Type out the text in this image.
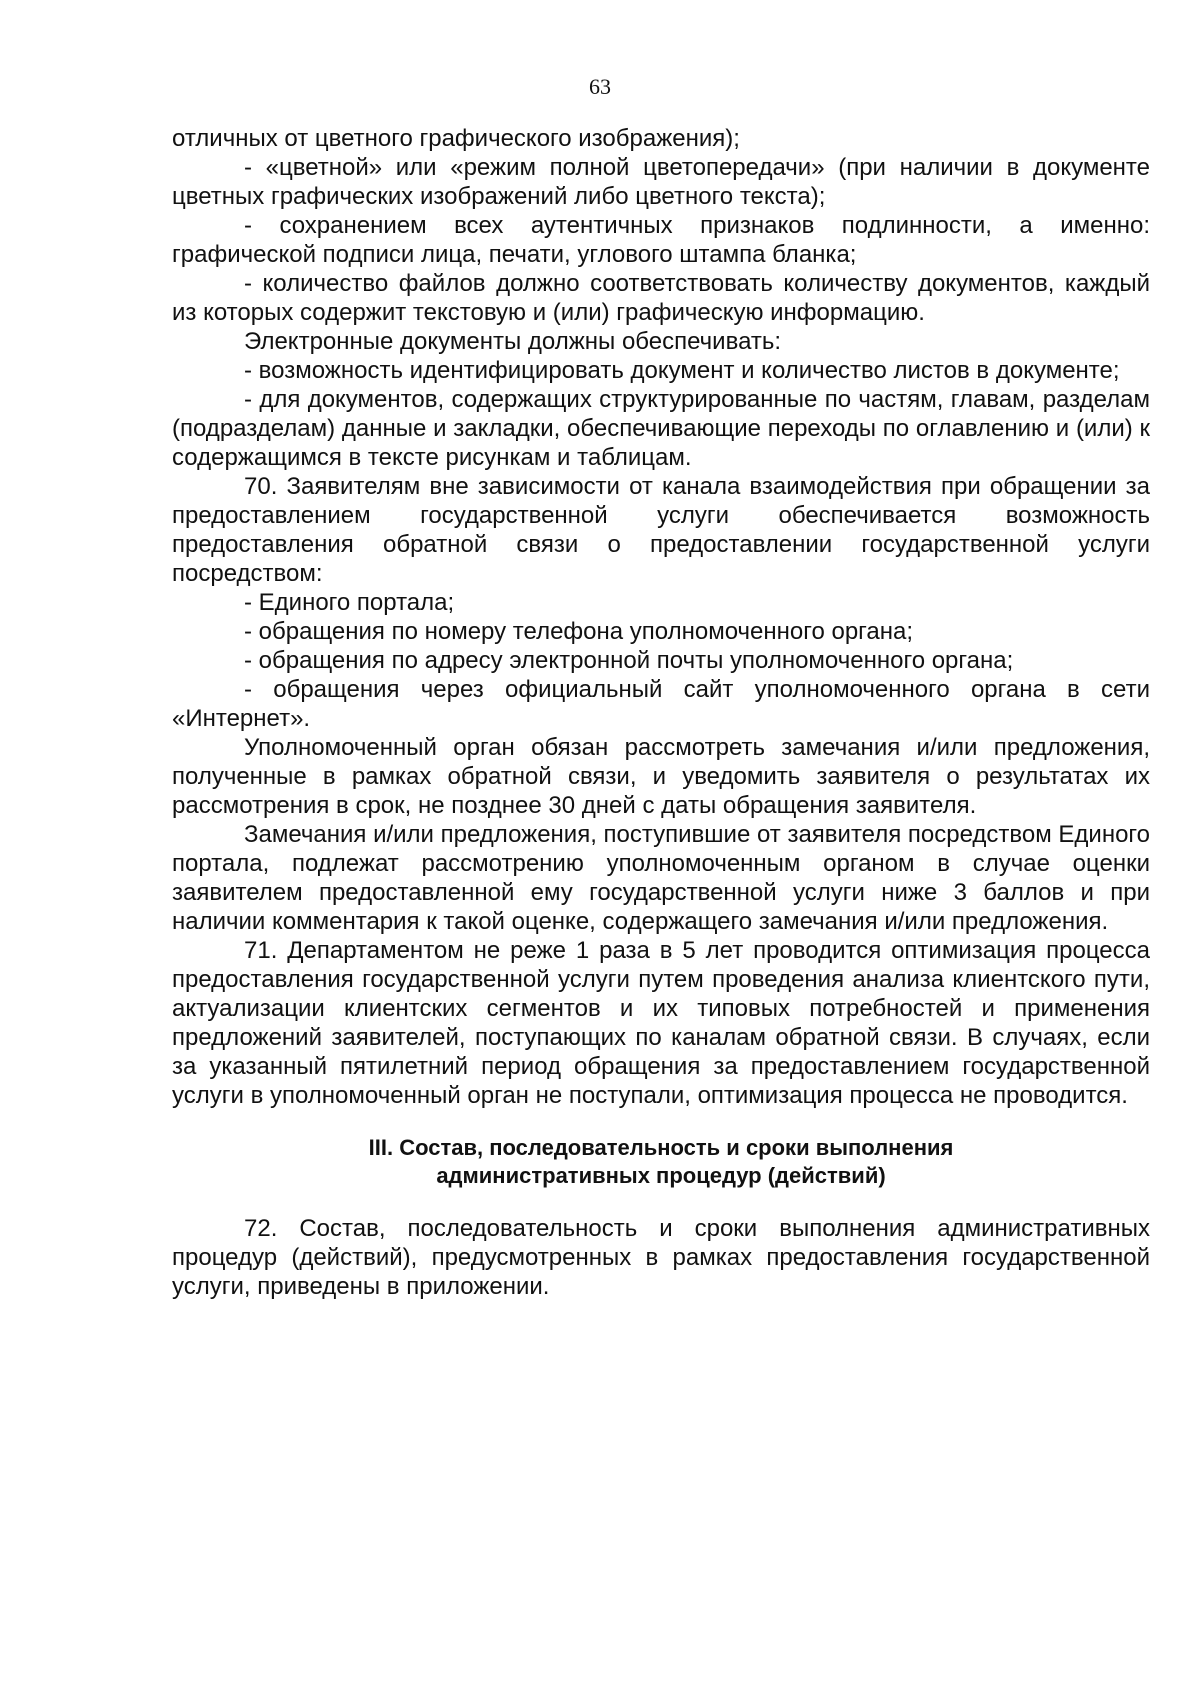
63

отличных от цветного графического изображения);

- «цветной» или «режим полной цветопередачи» (при наличии в документе цветных графических изображений либо цветного текста);

- сохранением всех аутентичных признаков подлинности, а именно: графической подписи лица, печати, углового штампа бланка;

- количество файлов должно соответствовать количеству документов, каждый из которых содержит текстовую и (или) графическую информацию.

Электронные документы должны обеспечивать:

- возможность идентифицировать документ и количество листов в документе;

- для документов, содержащих структурированные по частям, главам, разделам (подразделам) данные и закладки, обеспечивающие переходы по оглавлению и (или) к содержащимся в тексте рисункам и таблицам.

70. Заявителям вне зависимости от канала взаимодействия при обращении за предоставлением государственной услуги обеспечивается возможность предоставления обратной связи о предоставлении государственной услуги посредством:

- Единого портала;

- обращения по номеру телефона уполномоченного органа;

- обращения по адресу электронной почты уполномоченного органа;

- обращения через официальный сайт уполномоченного органа в сети «Интернет».

Уполномоченный орган обязан рассмотреть замечания и/или предложения, полученные в рамках обратной связи, и уведомить заявителя о результатах их рассмотрения в срок, не позднее 30 дней с даты обращения заявителя.

Замечания и/или предложения, поступившие от заявителя посредством Единого портала, подлежат рассмотрению уполномоченным органом в случае оценки заявителем предоставленной ему государственной услуги ниже 3 баллов и при наличии комментария к такой оценке, содержащего замечания и/или предложения.

71. Департаментом не реже 1 раза в 5 лет проводится оптимизация процесса предоставления государственной услуги путем проведения анализа клиентского пути, актуализации клиентских сегментов и их типовых потребностей и применения предложений заявителей, поступающих по каналам обратной связи. В случаях, если за указанный пятилетний период обращения за предоставлением государственной услуги в уполномоченный орган не поступали, оптимизация процесса не проводится.

III. Состав, последовательность и сроки выполнения
административных процедур (действий)

72. Состав, последовательность и сроки выполнения административных процедур (действий), предусмотренных в рамках предоставления государственной услуги, приведены в приложении.
